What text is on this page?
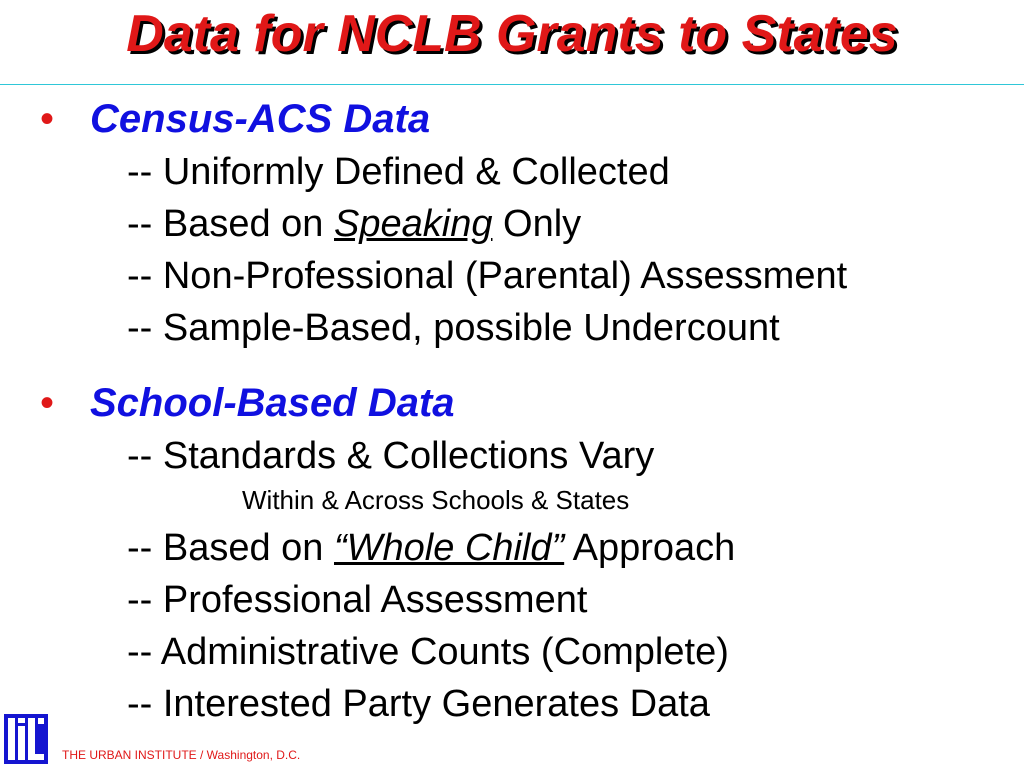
Data for NCLB Grants to States
• Census-ACS Data
-- Uniformly Defined & Collected
-- Based on Speaking Only
-- Non-Professional (Parental) Assessment
-- Sample-Based, possible Undercount
• School-Based Data
-- Standards & Collections Vary
Within & Across Schools & States
-- Based on “Whole Child” Approach
-- Professional Assessment
-- Administrative Counts (Complete)
-- Interested Party Generates Data
THE URBAN INSTITUTE / Washington, D.C.
